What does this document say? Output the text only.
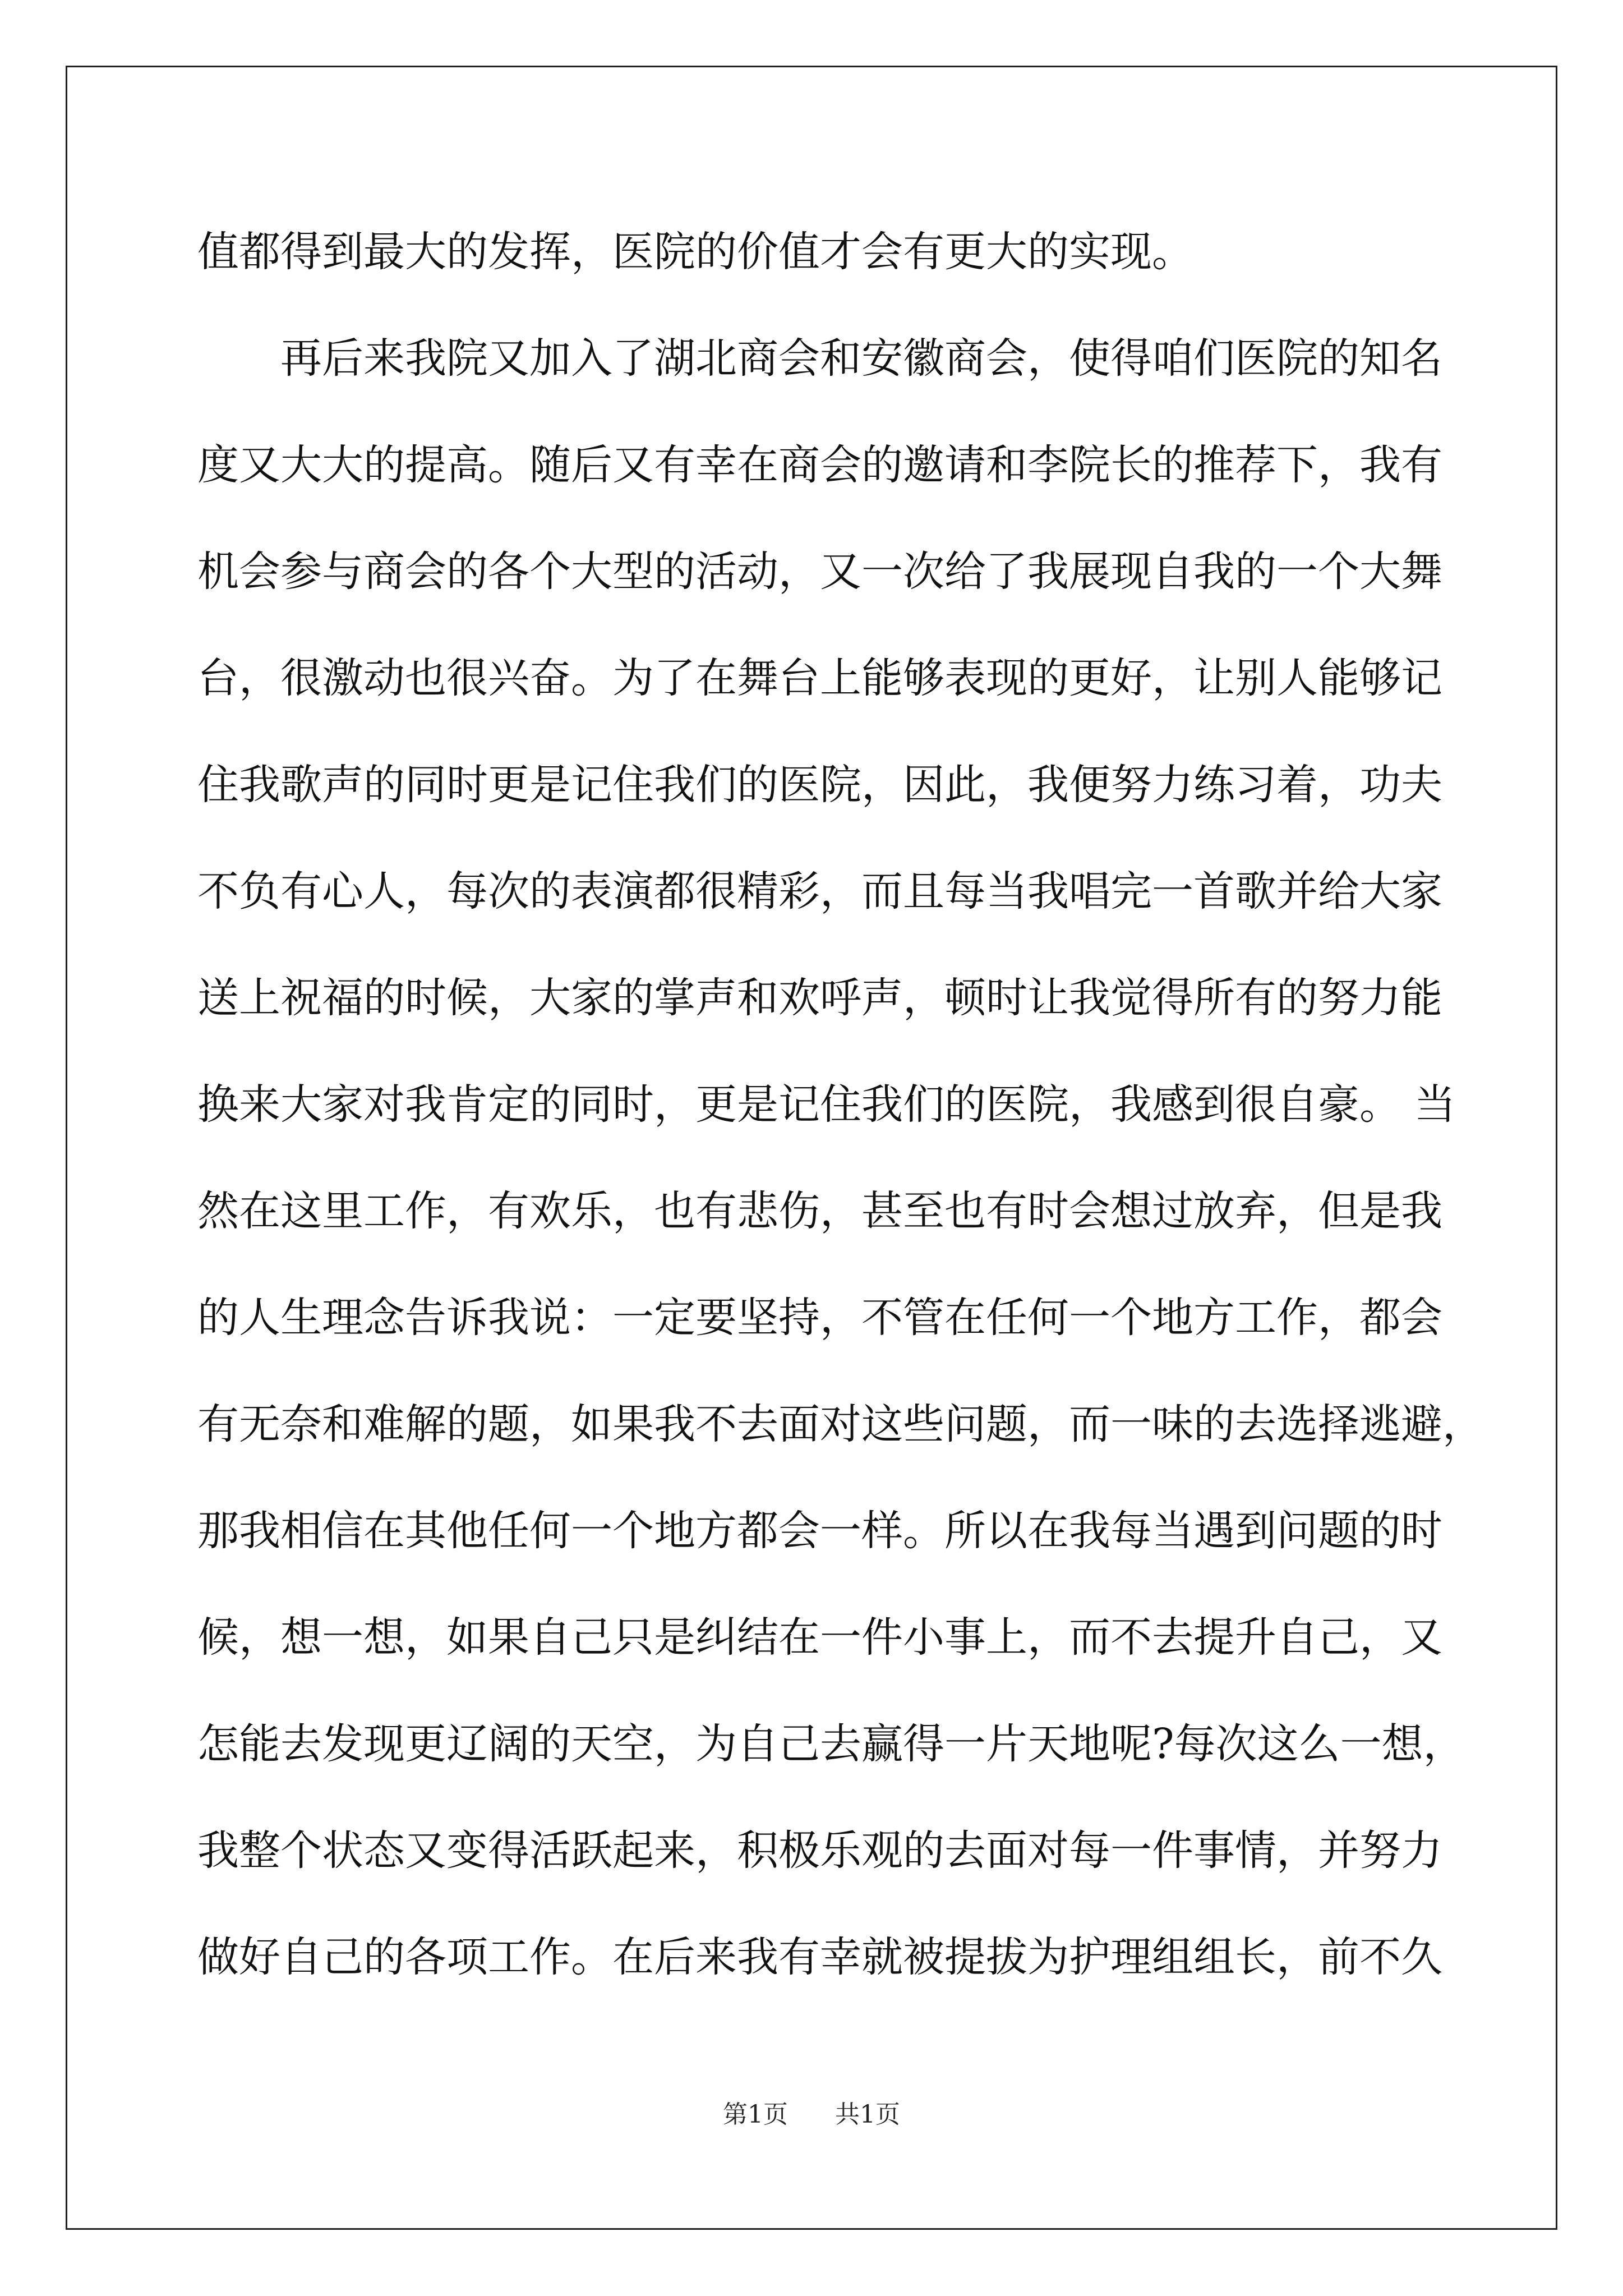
值都得到最大的发挥，医院的价值才会有更大的实现。
再后来我院又加入了湖北商会和安徽商会，使得咱们医院的知名
度又大大的提高。随后又有幸在商会的邀请和李院长的推荐下，我有
机会参与商会的各个大型的活动，又一次给了我展现自我的一个大舞
台，很激动也很兴奋。为了在舞台上能够表现的更好，让别人能够记
住我歌声的同时更是记住我们的医院，因此，我便努力练习着，功夫
不负有心人，每次的表演都很精彩，而且每当我唱完一首歌并给大家
送上祝福的时候，大家的掌声和欢呼声，顿时让我觉得所有的努力能
换来大家对我肯定的同时，更是记住我们的医院，我感到很自豪。 当
然在这里工作，有欢乐，也有悲伤，甚至也有时会想过放弃，但是我
的人生理念告诉我说：一定要坚持，不管在任何一个地方工作，都会
有无奈和难解的题，如果我不去面对这些问题，而一味的去选择逃避，
那我相信在其他任何一个地方都会一样。所以在我每当遇到问题的时
候，想一想，如果自己只是纠结在一件小事上，而不去提升自己，又
怎能去发现更辽阔的天空，为自己去赢得一片天地呢?每次这么一想，
我整个状态又变得活跃起来，积极乐观的去面对每一件事情，并努力
做好自己的各项工作。在后来我有幸就被提拔为护理组组长，前不久
第1页 共1页
